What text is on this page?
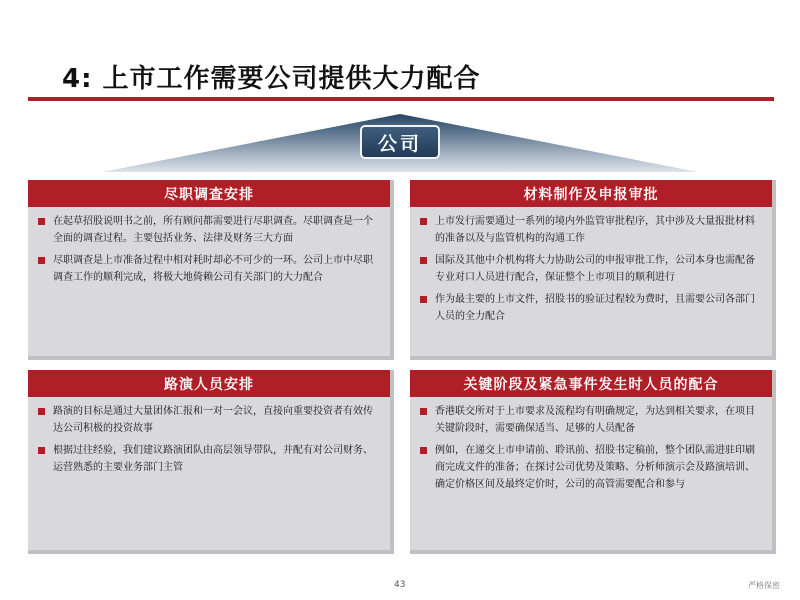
4: 上市工作需要公司提供大力配合
公司
尽职调查安排
在起草招股说明书之前，所有顾问都需要进行尽职调查。尽职调查是一个全面的调查过程。主要包括业务、法律及财务三大方面
尽职调查是上市准备过程中相对耗时却必不可少的一环。公司上市中尽职调查工作的顺利完成，将极大地倚赖公司有关部门的大力配合
材料制作及申报审批
上市发行需要通过一系列的境内外监管审批程序，其中涉及大量报批材料的准备以及与监管机构的沟通工作
国际及其他中介机构将大力协助公司的申报审批工作，公司本身也需配备专业对口人员进行配合，保证整个上市项目的顺利进行
作为最主要的上市文件，招股书的验证过程较为费时，且需要公司各部门人员的全力配合
路演人员安排
路演的目标是通过大量团体汇报和一对一会议，直接向重要投资者有效传达公司积极的投资故事
根据过往经验，我们建议路演团队由高层领导带队，并配有对公司财务、运营熟悉的主要业务部门主管
关键阶段及紧急事件发生时人员的配合
香港联交所对于上市要求及流程均有明确规定，为达到相关要求，在项目关键阶段时，需要确保适当、足够的人员配备
例如，在递交上市申请前、聆讯前、招股书定稿前，整个团队需进驻印刷商完成文件的准备；在探讨公司优势及策略、分析师演示会及路演培训、确定价格区间及最终定价时，公司的高管需要配合和参与
43	严格保密
